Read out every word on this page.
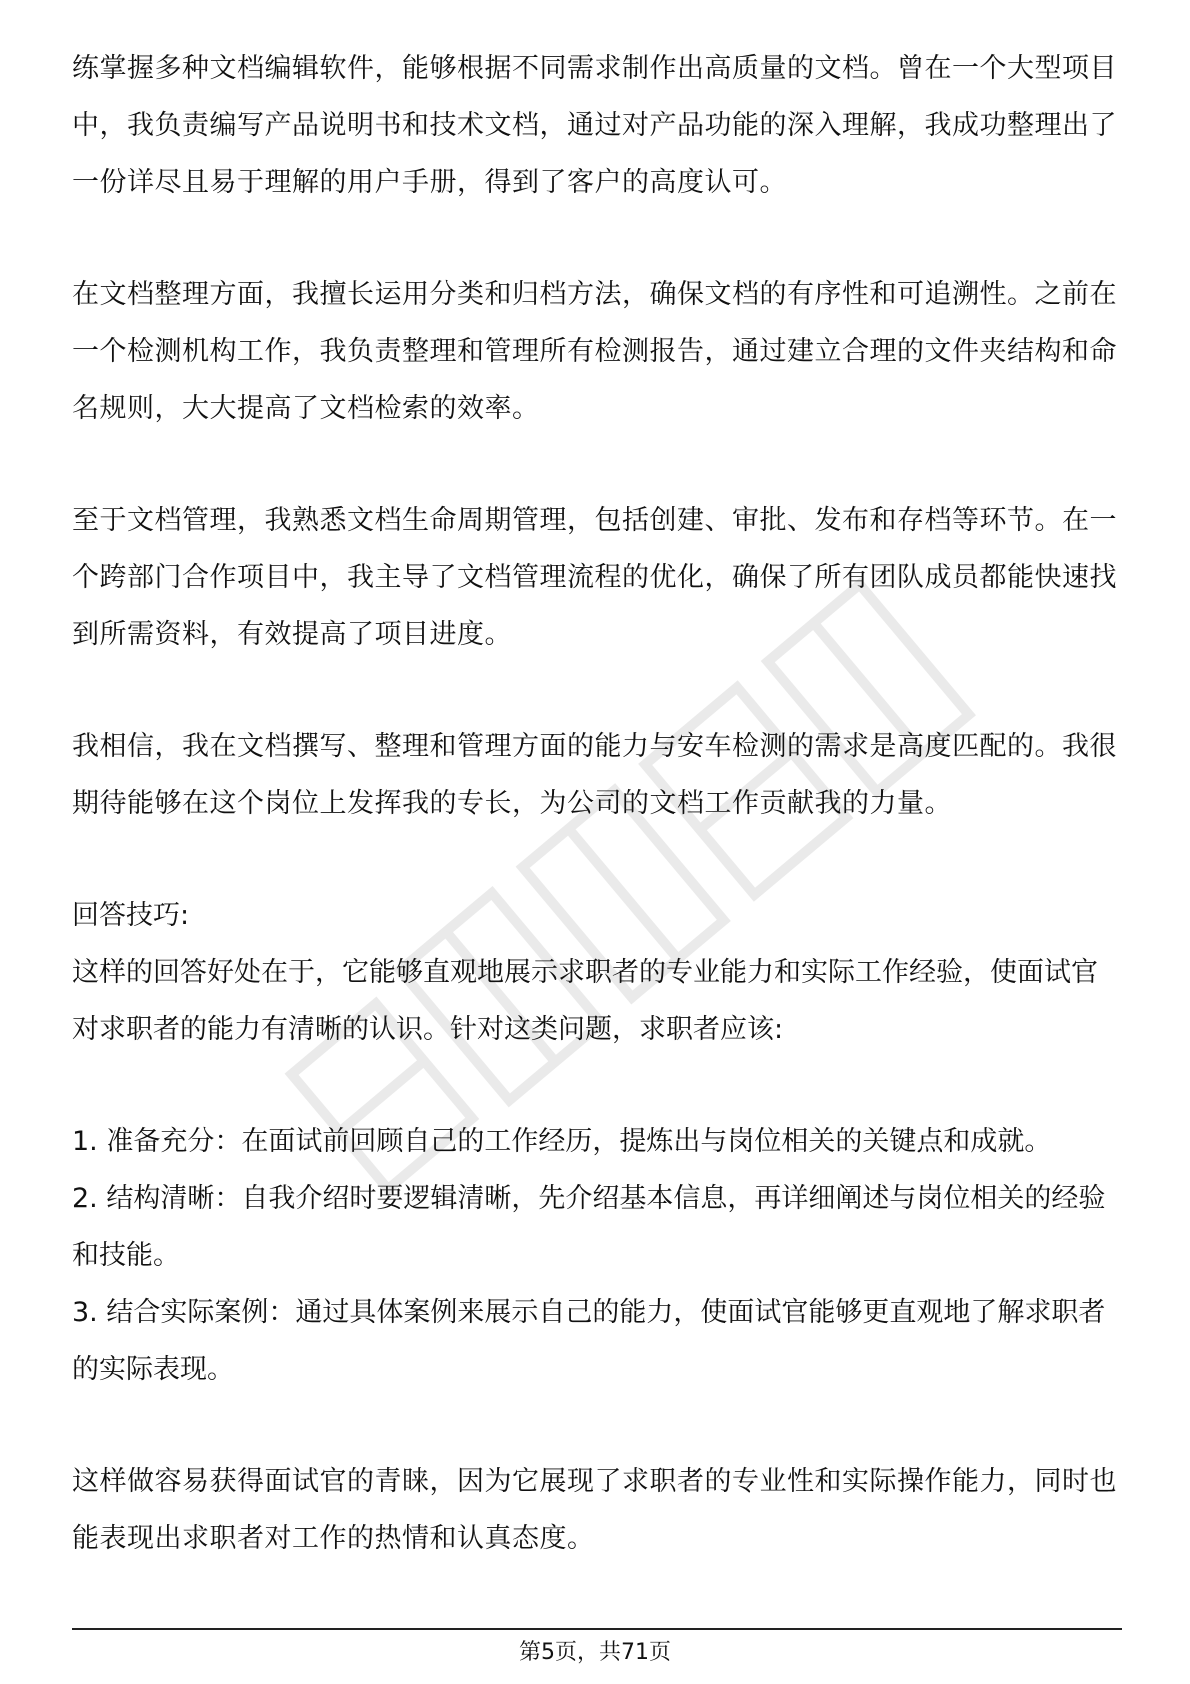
练掌握多种文档编辑软件，能够根据不同需求制作出高质量的文档。曾在一个大型项目中，我负责编写产品说明书和技术文档，通过对产品功能的深入理解，我成功整理出了一份详尽且易于理解的用户手册，得到了客户的高度认可。

在文档整理方面，我擅长运用分类和归档方法，确保文档的有序性和可追溯性。之前在一个检测机构工作，我负责整理和管理所有检测报告，通过建立合理的文件夹结构和命名规则，大大提高了文档检索的效率。

至于文档管理，我熟悉文档生命周期管理，包括创建、审批、发布和存档等环节。在一个跨部门合作项目中，我主导了文档管理流程的优化，确保了所有团队成员都能快速找到所需资料，有效提高了项目进度。

我相信，我在文档撰写、整理和管理方面的能力与安车检测的需求是高度匹配的。我很期待能够在这个岗位上发挥我的专长，为公司的文档工作贡献我的力量。

回答技巧:

这样的回答好处在于，它能够直观地展示求职者的专业能力和实际工作经验，使面试官对求职者的能力有清晰的认识。针对这类问题，求职者应该:

1. 准备充分：在面试前回顾自己的工作经历，提炼出与岗位相关的关键点和成就。

2. 结构清晰：自我介绍时要逻辑清晰，先介绍基本信息，再详细阐述与岗位相关的经验和技能。

3. 结合实际案例：通过具体案例来展示自己的能力，使面试官能够更直观地了解求职者的实际表现。

这样做容易获得面试官的青睐，因为它展现了求职者的专业性和实际操作能力，同时也能表现出求职者对工作的热情和认真态度。

第5页，共71页
